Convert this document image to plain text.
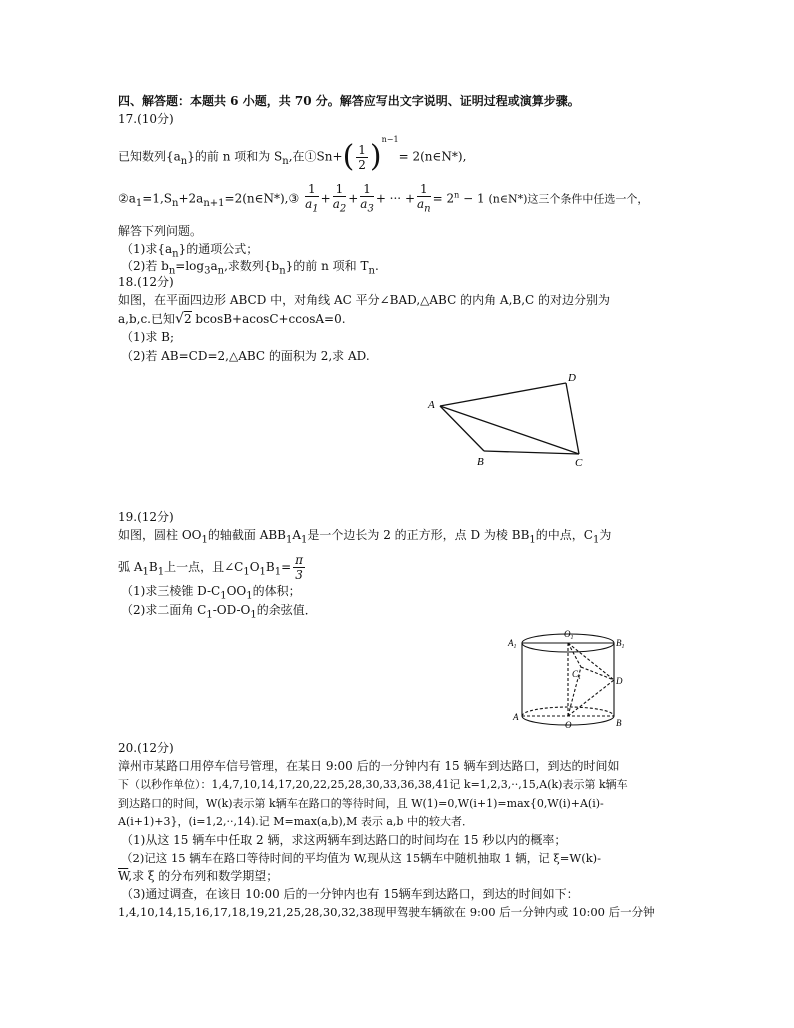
四、解答题：本题共 6 小题，共 70 分。解答应写出文字说明、证明过程或演算步骤。
17.(10分)
已知数列$\{a_n\}$的前 n 项和为 $S_n$,在①Sn+( $\frac{1}{2} )^{n-1}=$ 2(n∈N*),
$②a_1=1,S_n+2a_{n+1}=2(n\in N*),③ \frac{1}{a_1} + \frac{1}{a_2} + \frac{1}{a_3}$ + ··· + $\frac{1}{a_n} = 2^n - 1$ (n∈N*)这三个条件中任选一个，
解答下列问题。
（1)求$\{a_n\}$的通项公式；
（2)若 $b_n=\log_3a_n$,求数列$\{b_n\}$的前 n 项和 $T_n$.
18.(12分)
如图，在平面四边形 ABCD 中，对角线 AC 平分∠BAD,△ABC 的内角 A,B,C 的对边分别为
a,b,c.已知√2 bcosB+acosC+ccosA=0.
（1)求 B;
（2)若 AB=CD=2,△ABC 的面积为 2,求 AD.
A
D
B	C
19.(12分)
如图，圆柱 $OO_1$的轴截面 $ABB_1A_1$是一个边长为 2 的正方形，点 D 为棱 $BB_1$的中点，$C_1$为
弧 $A_1B_1$上一点，且$\angle C_1O_1B_1= \frac{\pi}{3}$
（1)求三棱锥 $D-C_1OO_1$的体积；
（2)求二面角 $C_1-OD-O_1$的余弦值．
$A_1$
$O_1$	$B_1$
$C_1$	D
A
O	B
20.(12分)
漳州市某路口用停车信号管理，在某日 9:00 后的一分钟内有 15 辆车到达路口，到达的时间如
下（以秒作单位）：1,4,7,10,14,17,20,22,25,28,30,33,36,38,41记 k=1,2,3,··,15,A(k)表示第 k辆车
到达路口的时间，W(k)表示第 k辆车在路口的等待时间，且 W(1)=0,W(i+1)=max{0,W(i)+A(i)-
A(i+1)+3}，(i=1,2,··,14).记 M=max(a,b),M 表示 a,b 中的较大者．
（1)从这 15 辆车中任取 2 辆，求这两辆车到达路口的时间均在 15 秒以内的概率；
（2)记这 15 辆车在路口等待时间的平均值为 W,现从这 15辆车中随机抽取 1 辆，记 ξ=W(k)-
$\overline{W}$,求 ξ 的分布列和数学期望；
（3)通过调查，在该日 10:00 后的一分钟内也有 15辆车到达路口，到达的时间如下：
1,4,10,14,15,16,17,18,19,21,25,28,30,32,38现甲驾驶车辆欲在 9:00 后一分钟内或 10:00 后一分钟
